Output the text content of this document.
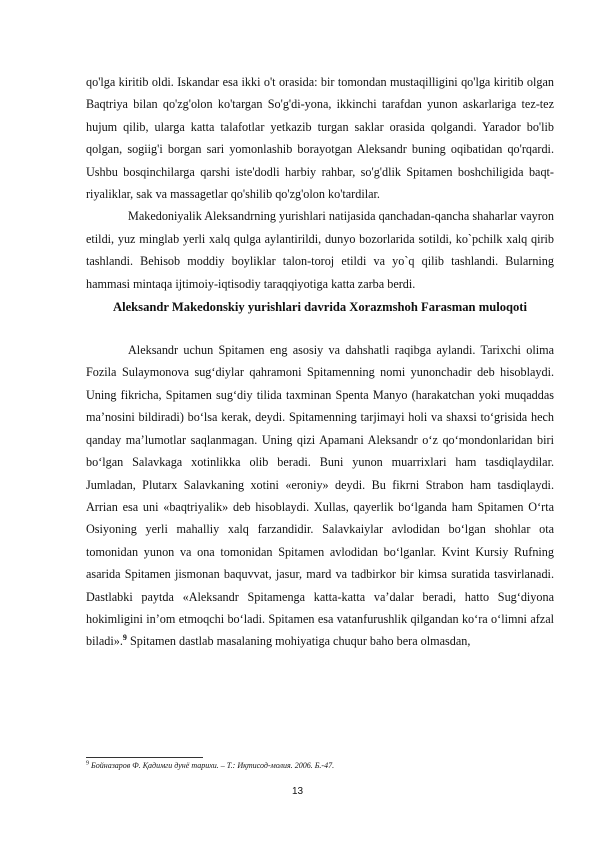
qo'lga kiritib oldi. Iskandar esa ikki o't orasida: bir tomondan mustaqilligini qo'lga kiritib olgan Baqtriya bilan qo'zg'olon ko'targan So'g'di-yona, ikkinchi tarafdan yunon askarlariga tez-tez hujum qilib, ularga katta talafotlar yetkazib turgan saklar orasida qolgandi. Yarador bo'lib qolgan, sogiig'i borgan sari yomonlashib borayotgan Aleksandr buning oqibatidan qo'rqardi. Ushbu bosqinchilarga qarshi iste'dodli harbiy rahbar, so'g'dlik Spitamen boshchiligida baqt-riyaliklar, sak va massagetlar qo'shilib qo'zg'olon ko'tardilar.

Makedoniyalik Aleksandrning yurishlari natijasida qanchadan-qancha shaharlar vayron etildi, yuz minglab yerli xalq qulga aylantirildi, dunyo bozorlarida sotildi, ko`pchilk xalq qirib tashlandi. Behisob moddiy boyliklar talon-toroj etildi va yo`q qilib tashlandi. Bularning hammasi mintaqa ijtimoiy-iqtisodiy taraqqiyotiga katta zarba berdi.

Aleksandr Makedonskiy yurishlari davrida Xorazmshoh Farasman muloqoti

Aleksandr uchun Spitamen eng asosiy va dahshatli raqibga aylandi. Tarixchi olima Fozila Sulaymonova sug‘diylar qahramoni Spitamenning nomi yunonchadir deb hisoblaydi. Uning fikricha, Spitamen sug‘diy tilida taxminan Spenta Manyo (harakatchan yoki muqaddas ma’nosini bildiradi) bo‘lsa kerak, deydi. Spitamenning tarjimayi holi va shaxsi to‘grisida hech qanday ma’lumotlar saqlanmagan. Uning qizi Apamani Aleksandr o‘z qo‘mondonlaridan biri bo‘lgan Salavkaga xotinlikka olib beradi. Buni yunon muarrixlari ham tasdiqlaydilar. Jumladan, Plutarx Salavkaning xotini «eroniy» deydi. Bu fikrni Strabon ham tasdiqlaydi. Arrian esa uni «baqtriyalik» deb hisoblaydi. Xullas, qayerlik bo‘lganda ham Spitamen O‘rta Osiyoning yerli mahalliy xalq farzandidir. Salavkaiylar avlodidan bo‘lgan shohlar ota tomonidan yunon va ona tomonidan Spitamen avlodidan bo‘lganlar. Kvint Kursiy Rufning asarida Spitamen jismonan baquvvat, jasur, mard va tadbirkor bir kimsa suratida tasvirlanadi. Dastlabki paytda «Aleksandr Spitamenga katta-katta va’dalar beradi, hatto Sug‘diyona hokimligini in’om etmoqchi bo‘ladi. Spitamen esa vatanfurushlik qilgandan ko‘ra o‘limni afzal biladi».$^9$ Spitamen dastlab masalaning mohiyatiga chuqur baho bera olmasdan,

$^9$ Бойназаров Ф. Қадимги дунё тарихи. – Т.: Иқтисод-молия. 2006. Б.-47.
13
